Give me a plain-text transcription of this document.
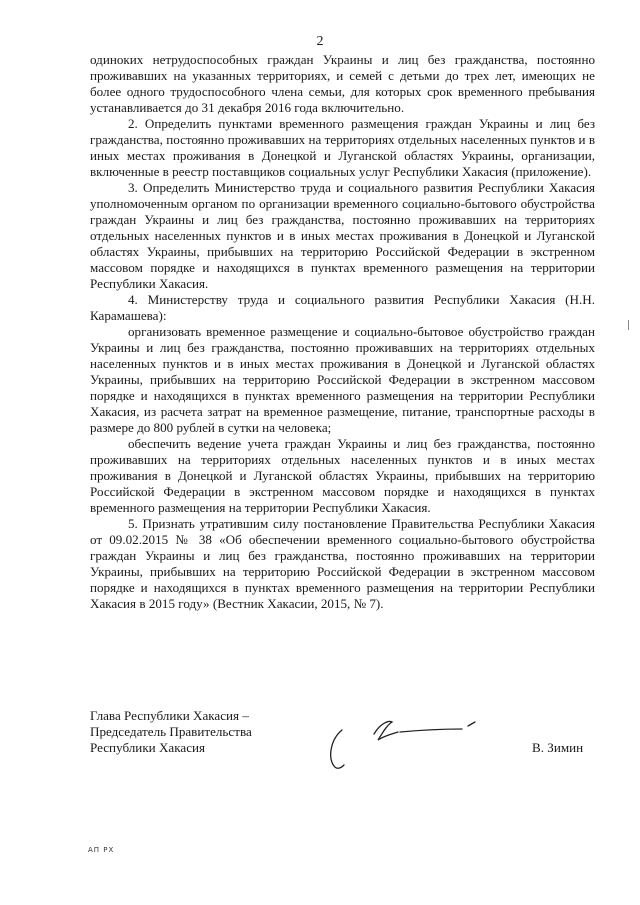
2

одиноких нетрудоспособных граждан Украины и лиц без гражданства, постоянно проживавших на указанных территориях, и семей с детьми до трех лет, имеющих не более одного трудоспособного члена семьи, для которых срок временного пребывания устанавливается до 31 декабря 2016 года включительно.

2. Определить пунктами временного размещения граждан Украины и лиц без гражданства, постоянно проживавших на территориях отдельных населенных пунктов и в иных местах проживания в Донецкой и Луганской областях Украины, организации, включенные в реестр поставщиков социальных услуг Республики Хакасия (приложение).

3. Определить Министерство труда и социального развития Республики Хакасия уполномоченным органом по организации временного социально-бытового обустройства граждан Украины и лиц без гражданства, постоянно проживавших на территориях отдельных населенных пунктов и в иных местах проживания в Донецкой и Луганской областях Украины, прибывших на территорию Российской Федерации в экстренном массовом порядке и находящихся в пунктах временного размещения на территории Республики Хакасия.

4. Министерству труда и социального развития Республики Хакасия (Н.Н. Карамашева):

организовать временное размещение и социально-бытовое обустройство граждан Украины и лиц без гражданства, постоянно проживавших на территориях отдельных населенных пунктов и в иных местах проживания в Донецкой и Луганской областях Украины, прибывших на территорию Российской Федерации в экстренном массовом порядке и находящихся в пунктах временного размещения на территории Республики Хакасия, из расчета затрат на временное размещение, питание, транспортные расходы в размере до 800 рублей в сутки на человека;

обеспечить ведение учета граждан Украины и лиц без гражданства, постоянно проживавших на территориях отдельных населенных пунктов и в иных местах проживания в Донецкой и Луганской областях Украины, прибывших на территорию Российской Федерации в экстренном массовом порядке и находящихся в пунктах временного размещения на территории Республики Хакасия.

5. Признать утратившим силу постановление Правительства Республики Хакасия от 09.02.2015 № 38 «Об обеспечении временного социально-бытового обустройства граждан Украины и лиц без гражданства, постоянно проживавших на территории Украины, прибывших на территорию Российской Федерации в экстренном массовом порядке и находящихся в пунктах временного размещения на территории Республики Хакасия в 2015 году» (Вестник Хакасии, 2015, № 7).

Глава Республики Хакасия –
Председатель Правительства
Республики Хакасия	В. Зимин
АП РХ
